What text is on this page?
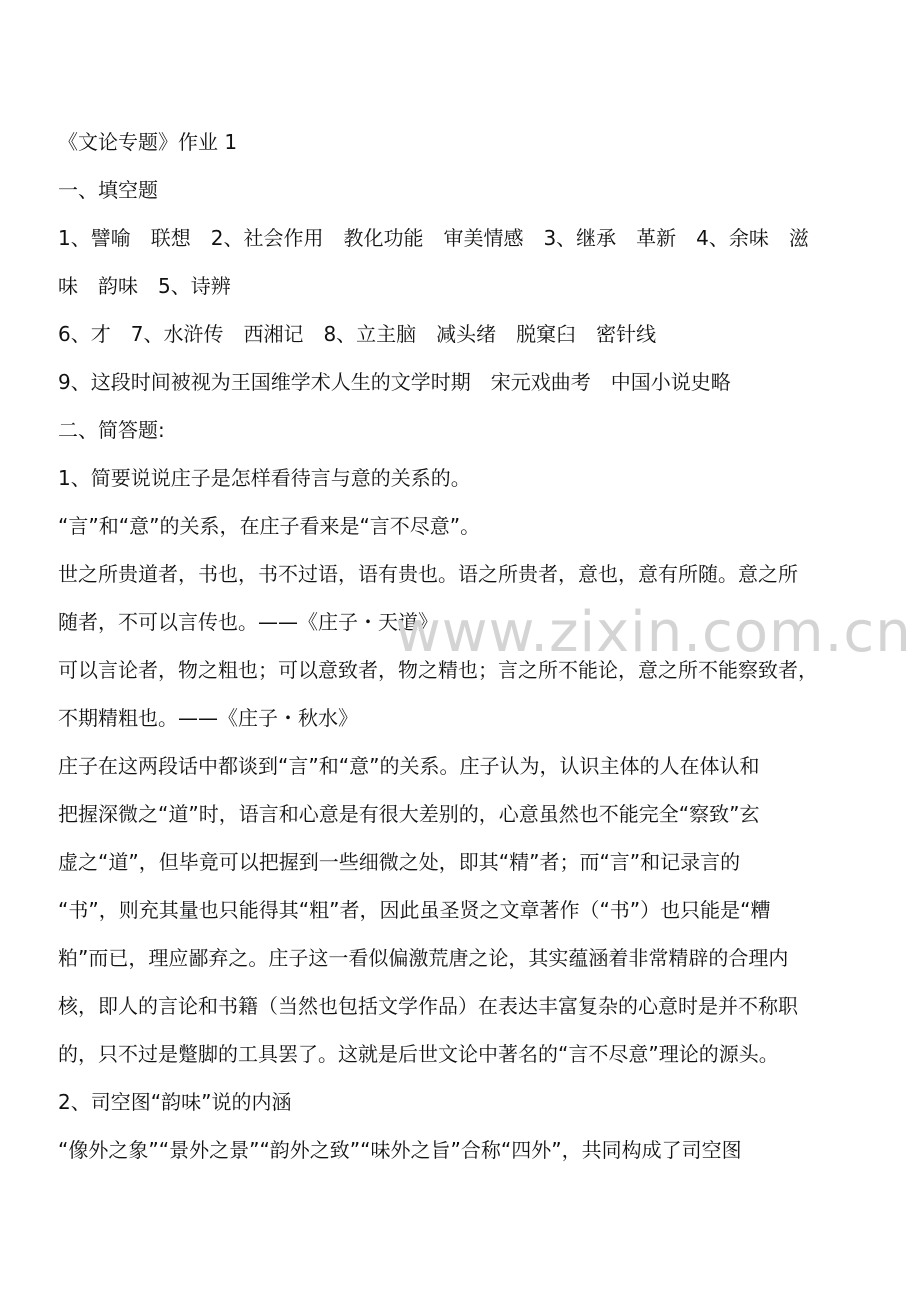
《文论专题》作业 1
一、填空题
1、譬喻　联想　2、社会作用　教化功能　审美情感　3、继承　革新　4、余味　滋
味　韵味　5、诗辨
6、才　7、水浒传　西湘记　8、立主脑　减头绪　脱窠臼　密针线
9、这段时间被视为王国维学术人生的文学时期　宋元戏曲考　中国小说史略
二、简答题:
1、简要说说庄子是怎样看待言与意的关系的。
“言”和“意”的关系，在庄子看来是“言不尽意”。
世之所贵道者，书也，书不过语，语有贵也。语之所贵者，意也，意有所随。意之所
随者，不可以言传也。——《庄子・天道》
可以言论者，物之粗也；可以意致者，物之精也；言之所不能论，意之所不能察致者，
不期精粗也。——《庄子・秋水》
庄子在这两段话中都谈到“言”和“意”的关系。庄子认为，认识主体的人在体认和
把握深微之“道”时，语言和心意是有很大差别的，心意虽然也不能完全“察致”玄
虚之“道”，但毕竟可以把握到一些细微之处，即其“精”者；而“言”和记录言的
“书”，则充其量也只能得其“粗”者，因此虽圣贤之文章著作（“书”）也只能是“糟
粕”而已，理应鄙弃之。庄子这一看似偏激荒唐之论，其实蕴涵着非常精辟的合理内
核，即人的言论和书籍（当然也包括文学作品）在表达丰富复杂的心意时是并不称职
的，只不过是蹩脚的工具罢了。这就是后世文论中著名的“言不尽意”理论的源头。
2、司空图“韵味”说的内涵
“像外之象”“景外之景”“韵外之致”“味外之旨”合称“四外”，共同构成了司空图
www.zixin.com.cn
